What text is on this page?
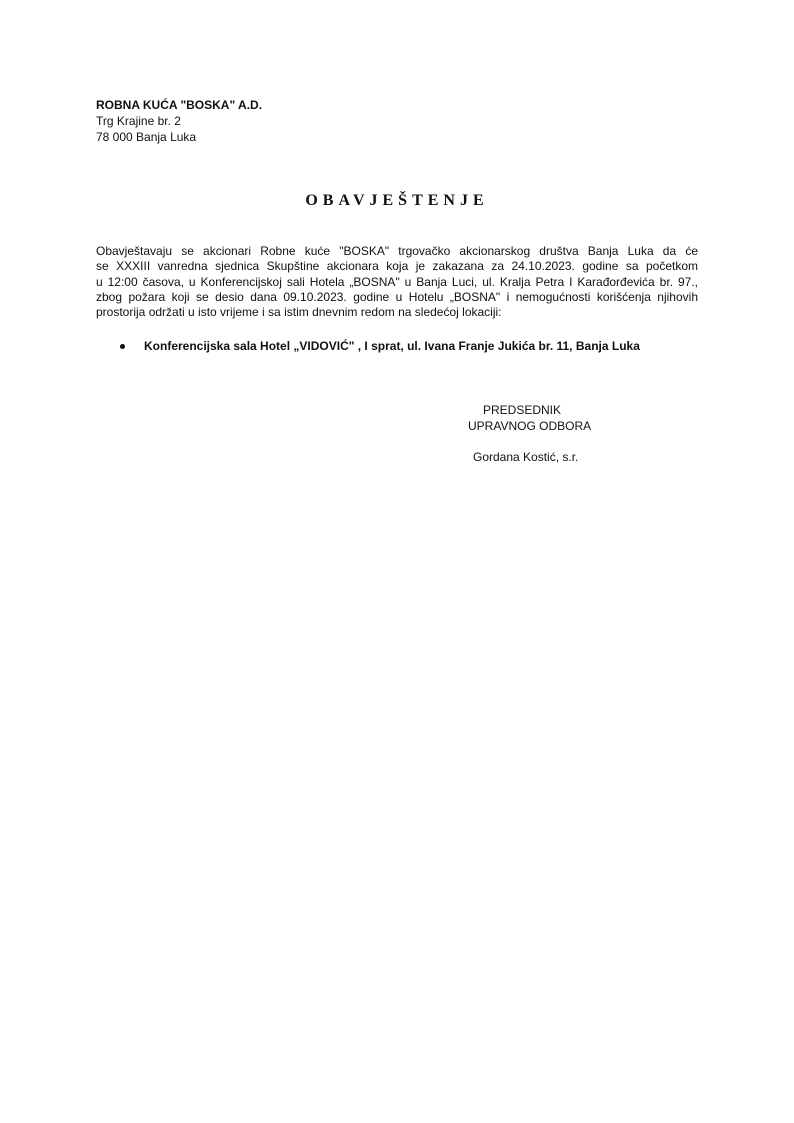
ROBNA KUĆA "BOSKA" A.D.
Trg Krajine br. 2
78 000 Banja Luka
OBAVJEŠTENJE
Obavještavaju se akcionari Robne kuće "BOSKA" trgovačko akcionarskog društva Banja Luka da će
se XXXIII vanredna sjednica Skupštine akcionara koja je zakazana za 24.10.2023. godine sa početkom
u 12:00 časova, u Konferencijskoj sali Hotela „BOSNA" u Banja Luci, ul. Kralja Petra I Karađorđevića br. 97.,
zbog požara koji se desio dana 09.10.2023. godine u Hotelu „BOSNA" i nemogućnosti korišćenja njihovih
prostorija održati u isto vrijeme i sa istim dnevnim redom na sledećoj lokaciji:
Konferencijska sala Hotel „VIDOVIĆ" , I sprat, ul. Ivana Franje Jukića br. 11, Banja Luka
PREDSEDNIK
UPRAVNOG ODBORA
Gordana Kostić, s.r.
